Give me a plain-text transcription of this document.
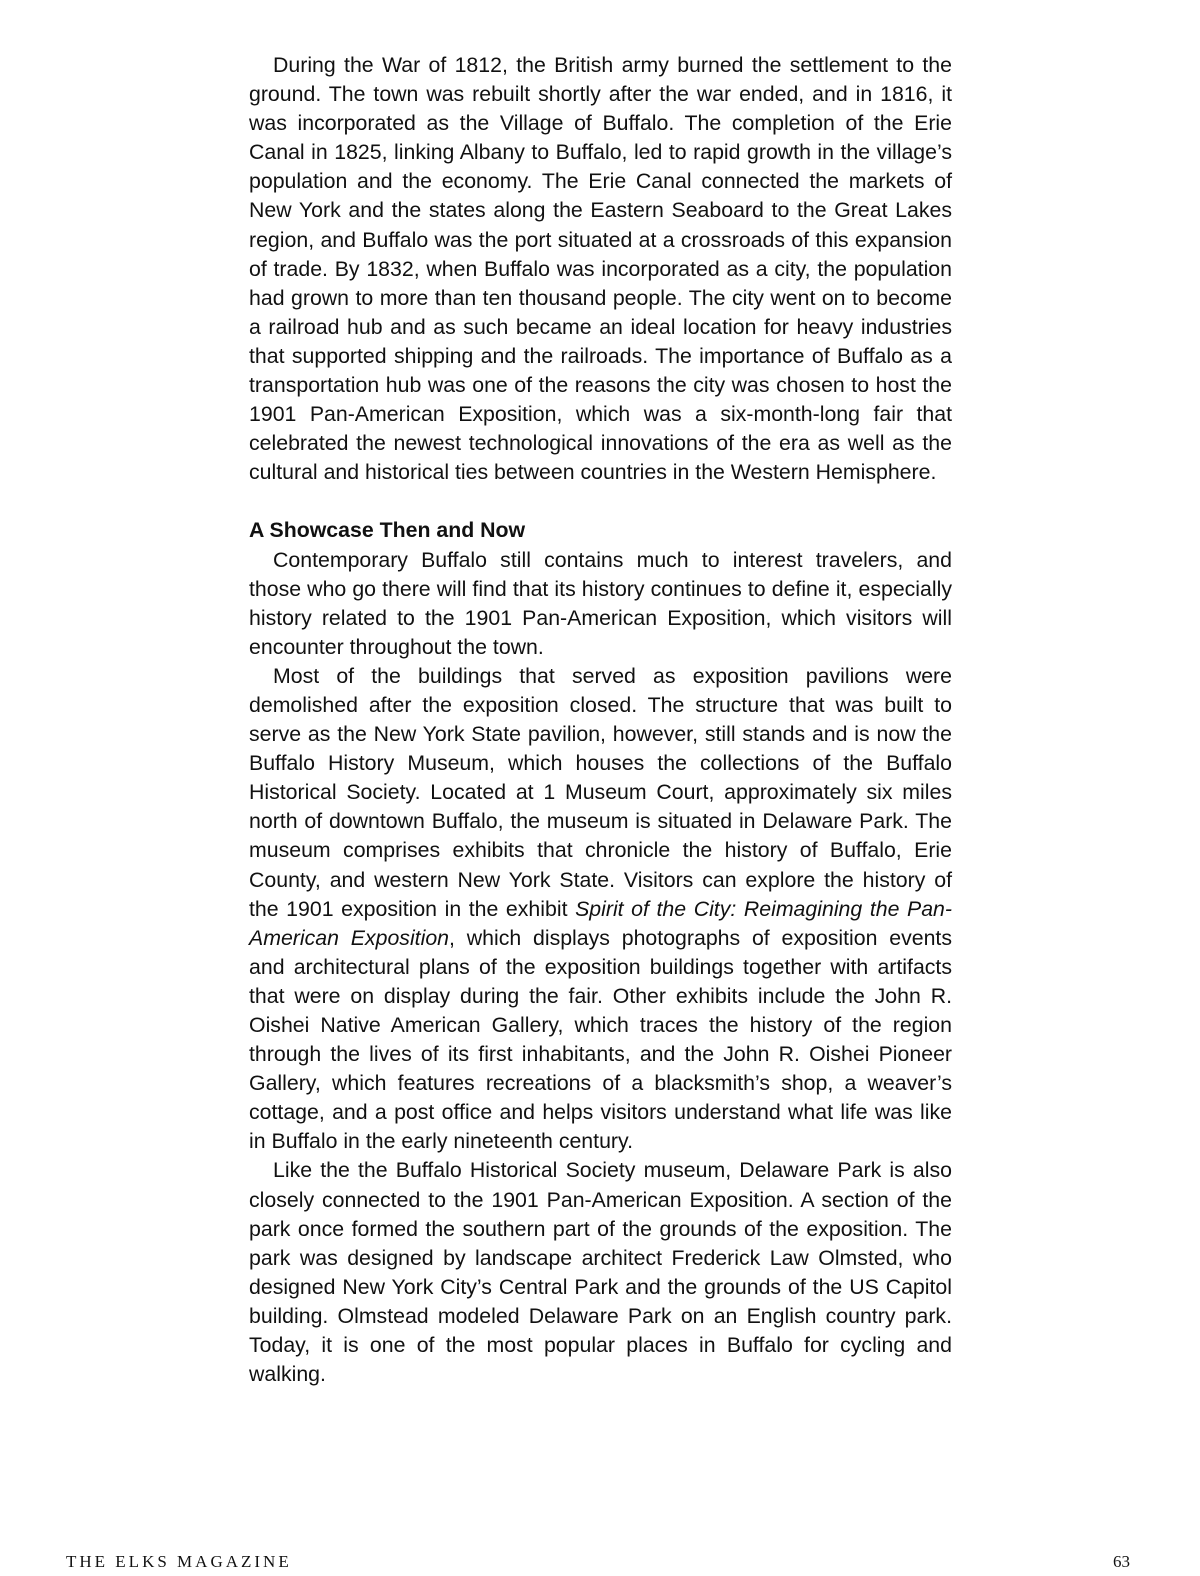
During the War of 1812, the British army burned the settlement to the ground. The town was rebuilt shortly after the war ended, and in 1816, it was incorporated as the Village of Buffalo. The completion of the Erie Canal in 1825, linking Albany to Buffalo, led to rapid growth in the village’s population and the economy. The Erie Canal connected the markets of New York and the states along the Eastern Seaboard to the Great Lakes region, and Buffalo was the port situated at a crossroads of this expansion of trade. By 1832, when Buffalo was incorporated as a city, the population had grown to more than ten thousand people. The city went on to become a railroad hub and as such became an ideal location for heavy industries that supported shipping and the railroads. The importance of Buffalo as a transportation hub was one of the reasons the city was chosen to host the 1901 Pan-American Exposition, which was a six-month-long fair that celebrated the newest technological innovations of the era as well as the cultural and historical ties between countries in the Western Hemisphere.

A Showcase Then and Now

Contemporary Buffalo still contains much to interest travelers, and those who go there will find that its history continues to define it, especially history related to the 1901 Pan-American Exposition, which visitors will encounter throughout the town.

Most of the buildings that served as exposition pavilions were demolished after the exposition closed. The structure that was built to serve as the New York State pavilion, however, still stands and is now the Buffalo History Museum, which houses the collections of the Buffalo Historical Society. Located at 1 Museum Court, approximately six miles north of downtown Buffalo, the museum is situated in Delaware Park. The museum comprises exhibits that chronicle the history of Buffalo, Erie County, and western New York State. Visitors can explore the history of the 1901 exposition in the exhibit Spirit of the City: Reimagining the Pan-American Exposition, which displays photographs of exposition events and architectural plans of the exposition buildings together with artifacts that were on display during the fair. Other exhibits include the John R. Oishei Native American Gallery, which traces the history of the region through the lives of its first inhabitants, and the John R. Oishei Pioneer Gallery, which features recreations of a blacksmith’s shop, a weaver’s cottage, and a post office and helps visitors understand what life was like in Buffalo in the early nineteenth century.

Like the the Buffalo Historical Society museum, Delaware Park is also closely connected to the 1901 Pan-American Exposition. A section of the park once formed the southern part of the grounds of the exposition. The park was designed by landscape architect Frederick Law Olmsted, who designed New York City’s Central Park and the grounds of the US Capitol building. Olmstead modeled Delaware Park on an English country park. Today, it is one of the most popular places in Buffalo for cycling and walking.

THE ELKS MAGAZINE	63
